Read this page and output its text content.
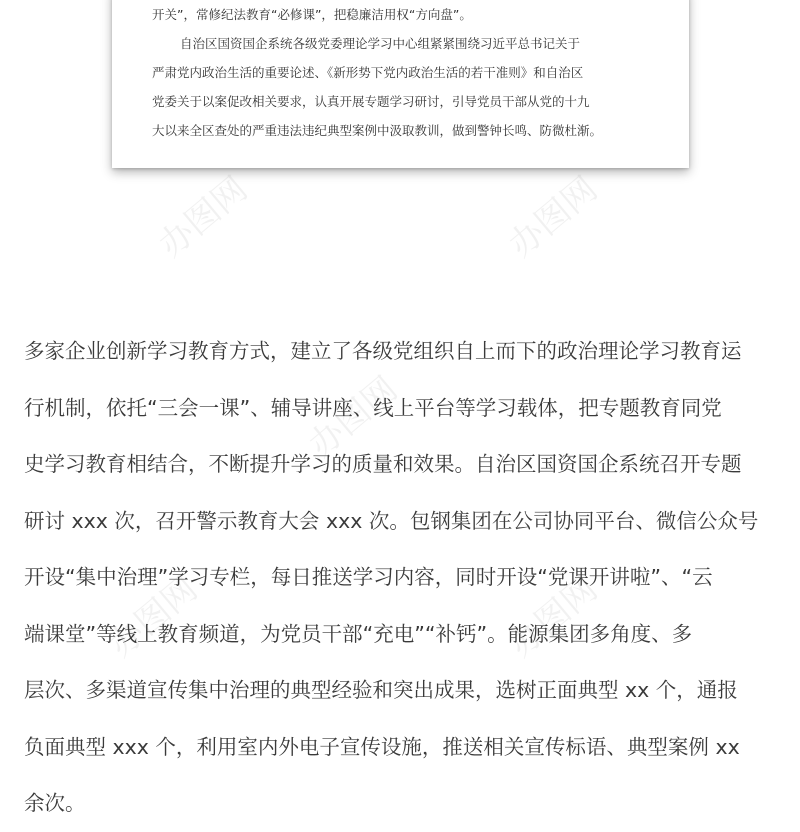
办图网	办图网
办图网
办图网	办图网

开关”，常修纪法教育“必修课”，把稳廉洁用权“方向盘”。

自治区国资国企系统各级党委理论学习中心组紧紧围绕习近平总书记关于

严肃党内政治生活的重要论述、《新形势下党内政治生活的若干准则》和自治区

党委关于以案促改相关要求，认真开展专题学习研讨，引导党员干部从党的十九

大以来全区查处的严重违法违纪典型案例中汲取教训，做到警钟长鸣、防微杜渐。

多家企业创新学习教育方式，建立了各级党组织自上而下的政治理论学习教育运

行机制，依托“三会一课”、辅导讲座、线上平台等学习载体，把专题教育同党

史学习教育相结合，不断提升学习的质量和效果。自治区国资国企系统召开专题

研讨 xxx 次，召开警示教育大会 xxx 次。包钢集团在公司协同平台、微信公众号

开设“集中治理”学习专栏，每日推送学习内容，同时开设“党课开讲啦”、“云

端课堂”等线上教育频道，为党员干部“充电”“补钙”。能源集团多角度、多

层次、多渠道宣传集中治理的典型经验和突出成果，选树正面典型 xx 个，通报

负面典型 xxx 个，利用室内外电子宣传设施，推送相关宣传标语、典型案例 xx

余次。
